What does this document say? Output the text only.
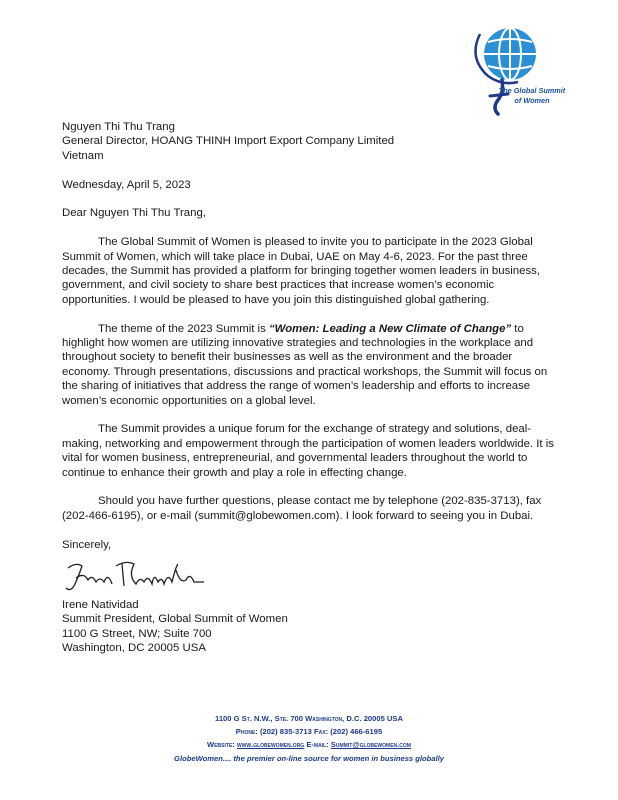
The Global Summit
of Women

Nguyen Thi Thu Trang

General Director, HOANG THINH Import Export Company Limited

Vietnam

Wednesday, April 5, 2023

Dear Nguyen Thi Thu Trang,

The Global Summit of Women is pleased to invite you to participate in the 2023 Global Summit of Women, which will take place in Dubai, UAE on May 4-6, 2023. For the past three decades, the Summit has provided a platform for bringing together women leaders in business, government, and civil society to share best practices that increase women’s economic opportunities. I would be pleased to have you join this distinguished global gathering.

The theme of the 2023 Summit is “Women: Leading a New Climate of Change” to highlight how women are utilizing innovative strategies and technologies in the workplace and throughout society to benefit their businesses as well as the environment and the broader economy. Through presentations, discussions and practical workshops, the Summit will focus on the sharing of initiatives that address the range of women’s leadership and efforts to increase women’s economic opportunities on a global level.

The Summit provides a unique forum for the exchange of strategy and solutions, deal-making, networking and empowerment through the participation of women leaders worldwide. It is vital for women business, entrepreneurial, and governmental leaders throughout the world to continue to enhance their growth and play a role in effecting change.

Should you have further questions, please contact me by telephone (202-835-3713), fax (202-466-6195), or e-mail (summit@globewomen.com). I look forward to seeing you in Dubai.

Sincerely,

Irene Natividad

Summit President, Global Summit of Women

1100 G Street, NW; Suite 700

Washington, DC 20005 USA

1100 G St. N.W., Ste. 700 Washington, D.C. 20005 USA
Phone: (202) 835-3713 Fax: (202) 466-6195
Website: www.globewomen.org E-mail: Summit@globewomen.com
GlobeWomen.... the premier on-line source for women in business globally
